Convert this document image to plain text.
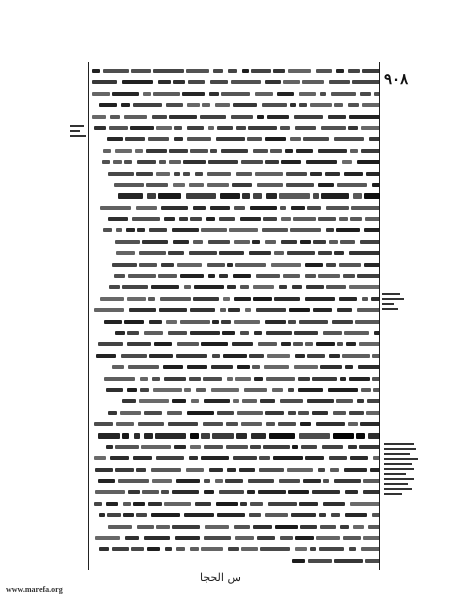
٩٠٨
س الحجا
www.marefa.org
